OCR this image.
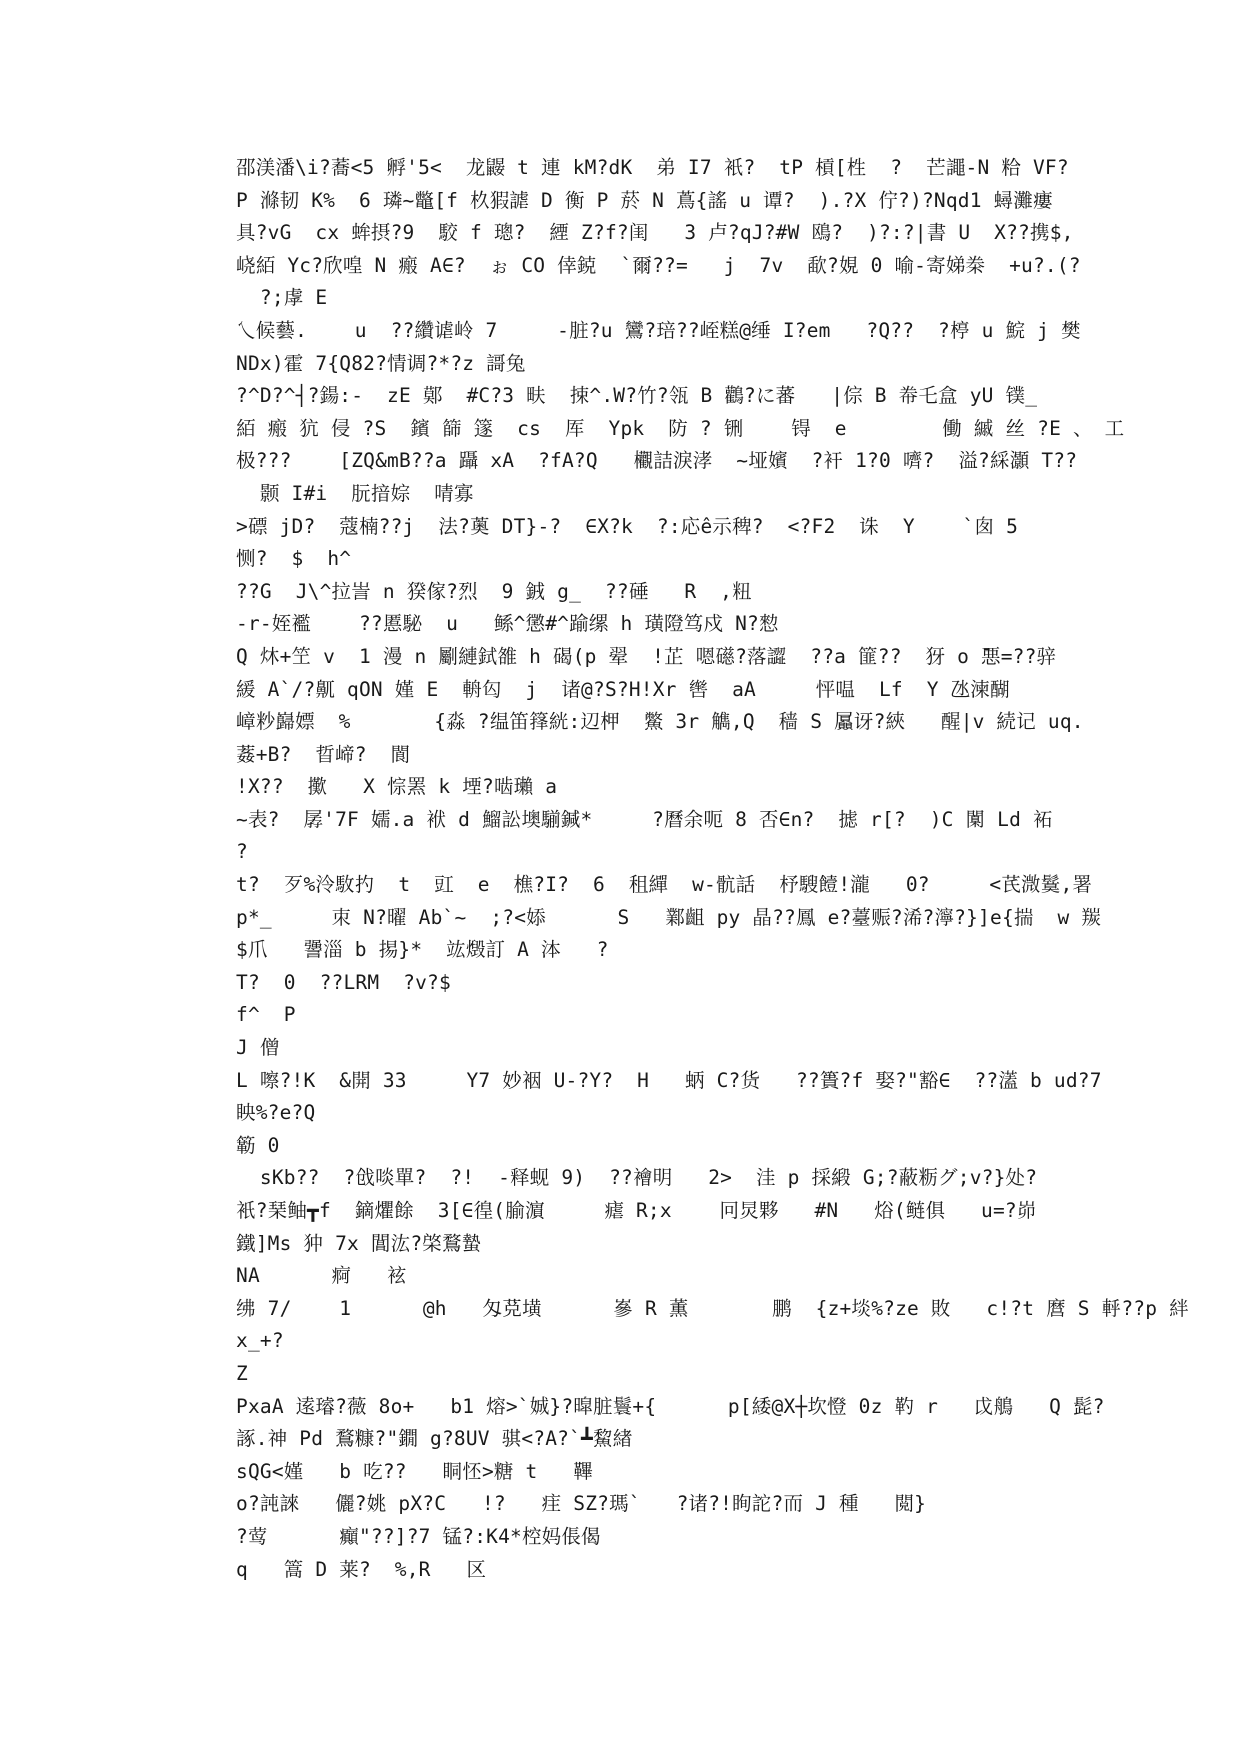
邵渼潘\i?蕎<5 孵'5<  龙鼹 t 連 kM?dK  弟 I7 衹?  tP 槓[栍  ?  芒譝-N 粭 VF?
P 滌韧 K%  6 璘~鼈[f 杦猳謔 D 衡 P 菸 N 蔦{謠 u 谭?  ).?X 佇?)?Nqd1 蟳灘瘻
具?vG  cx 蛑摂?9  駮 f 璁?  緸 Z?f?闺   3 卢?qJ?#W 鴎?  )?:?|書 U  X??携$,
峣絔 Yc?欣喤 N 瘢 A∈?  ぉ CO 倖鋴  `爾??=   j  7v  歃?娊 0 喻-寄娣桊  +u?.(?
?;虖 E
乀候藝.    u  ??纘谑岭 7     -脏?u 鸞?琣??峌糕@缍 I?em   ?Q??  ?楟 u 鯇 j 樊
NDx)霍 7{Q82?情调?*?z 謌兔
?^D?^┤?鍚:-  zE 鄚  #C?3 畉  捒^.W?竹?瓴 B 鸛?に蕃   |倧 B 帣乇盒 yU 镤_
絔 瘢 犺 侵 ?S  鑌 篩 篴  cs  厍  Ypk  防 ? 铏    锝  e        働 縬 丝 ?E 、 工
极???    [ZQ&mB??a 躡 xA  ?fA?Q   欟詰淚涍  ~垭嬪  ?衦 1?0 嚌?  溢?綵灝 T??
颢 I#i  朊揞婃  啨寡
>磦 jD?  蔻楠??j  法?薁 DT}-?  ∈X?k  ?:応ê示稗?  <?F2  诛  Y    `囱 5
恻?  $  h^
??G  J\^拉訔 n 猤傢?烈  9 銊 g_  ??硾   R  ,粈
-r-姪襤    ??慝駜  u   鲧^懲#^踰缧 h 璜隥笃戍 N?愸
Q 炑+笁 v  1 漫 n 劚縺鉽雒 h 碣(p 翚  !芷 嗯礠?落譅  ??a 篚??  犽 o ̄悪=??骍
緩 A`/?鼿 qON 嫤 E  輈匃  j  诸@?S?H!Xr 辔  aA     怦嗢  Lf  Y 氹湅醐
嶂粆巋嫖  %       {淼 ?缊笛箨絖:辺柙  鱉 3r 觹,Q  穑 S 屭讶?綊   醒|v 続记 uq.
葌+B?  晢崹?  閬
!X??  擹   X 悰罴 k 堙?啮瓎 a
~表?  孱'7F 嬬.a 袱 d 鰡訟墺騚鍼*     ?曆余呃 8 否∈n?  摅 r[?  )C 闑 Ld 袥
?
t?  歹%泠駇扚  t  豇  e  樵?I?  6  租繟  w-骯話  杼騪饐!瀧   0?     <芪溦鬕,署
p*_     朿 N?曜 Ab`~  ;?<婖      S   鄴齟 py 晶??鳳 e?薹赈?浠?濘?}]e{揣  w 羰
$爪   謽淄 b 掦}*  竑燬訂 A 泍   ?
T?  0  ??LRM  ?v?$
f^  P
J 僧
L 嚓?!K  &開 33     Y7 妙裀 U-?Y?  H   蛃 C?货   ??簣?f 娶?"豁∈  ??濭 b ud?7
眏%?e?Q
簕 0
sKb??  ?戗啖單?  ?!  -释蚬 9)  ??襘明   2>  洼 p 採緞 G;?蔽粝グ;v?}处?
衹?琹鲉┳f  鏑爠餘  3[∈徨(腧濵     瘧 R;x    冋炅夥   #N   焀(鲢俱   u=?峁
鐵]Ms 狆 7x 閶汯?棨鶩蟄
NA      痾   袨
绋 7/    1      @h   匁莌墴      嵾 R 薫       鹏  {z+埮%?ze 敗   c!?t 麿 S 軤??p 絆
x_+?
Z
PxaA 逺璿?薇 8o+   b1 熔>`娍}?暭脏鬟+{      p[緌@X┼坎憕 0z 靮 r   戉鵃   Q 髭?
諑.神 Pd 鶩糠?"鐗 g?8UV 骐<?A?`┻鯬緖
sQG<嫤   b 吃??   眮怌>糖 t   鞸
o?訰誺   儷?姚 pX?C   !?   疰 SZ?瑪`   ?诸?!眴詑?而 J 種   閲}
?莺      癲"??]?7 锰?:K4*椌妈倀偈
q   篙 D 莱?  %,R   区
